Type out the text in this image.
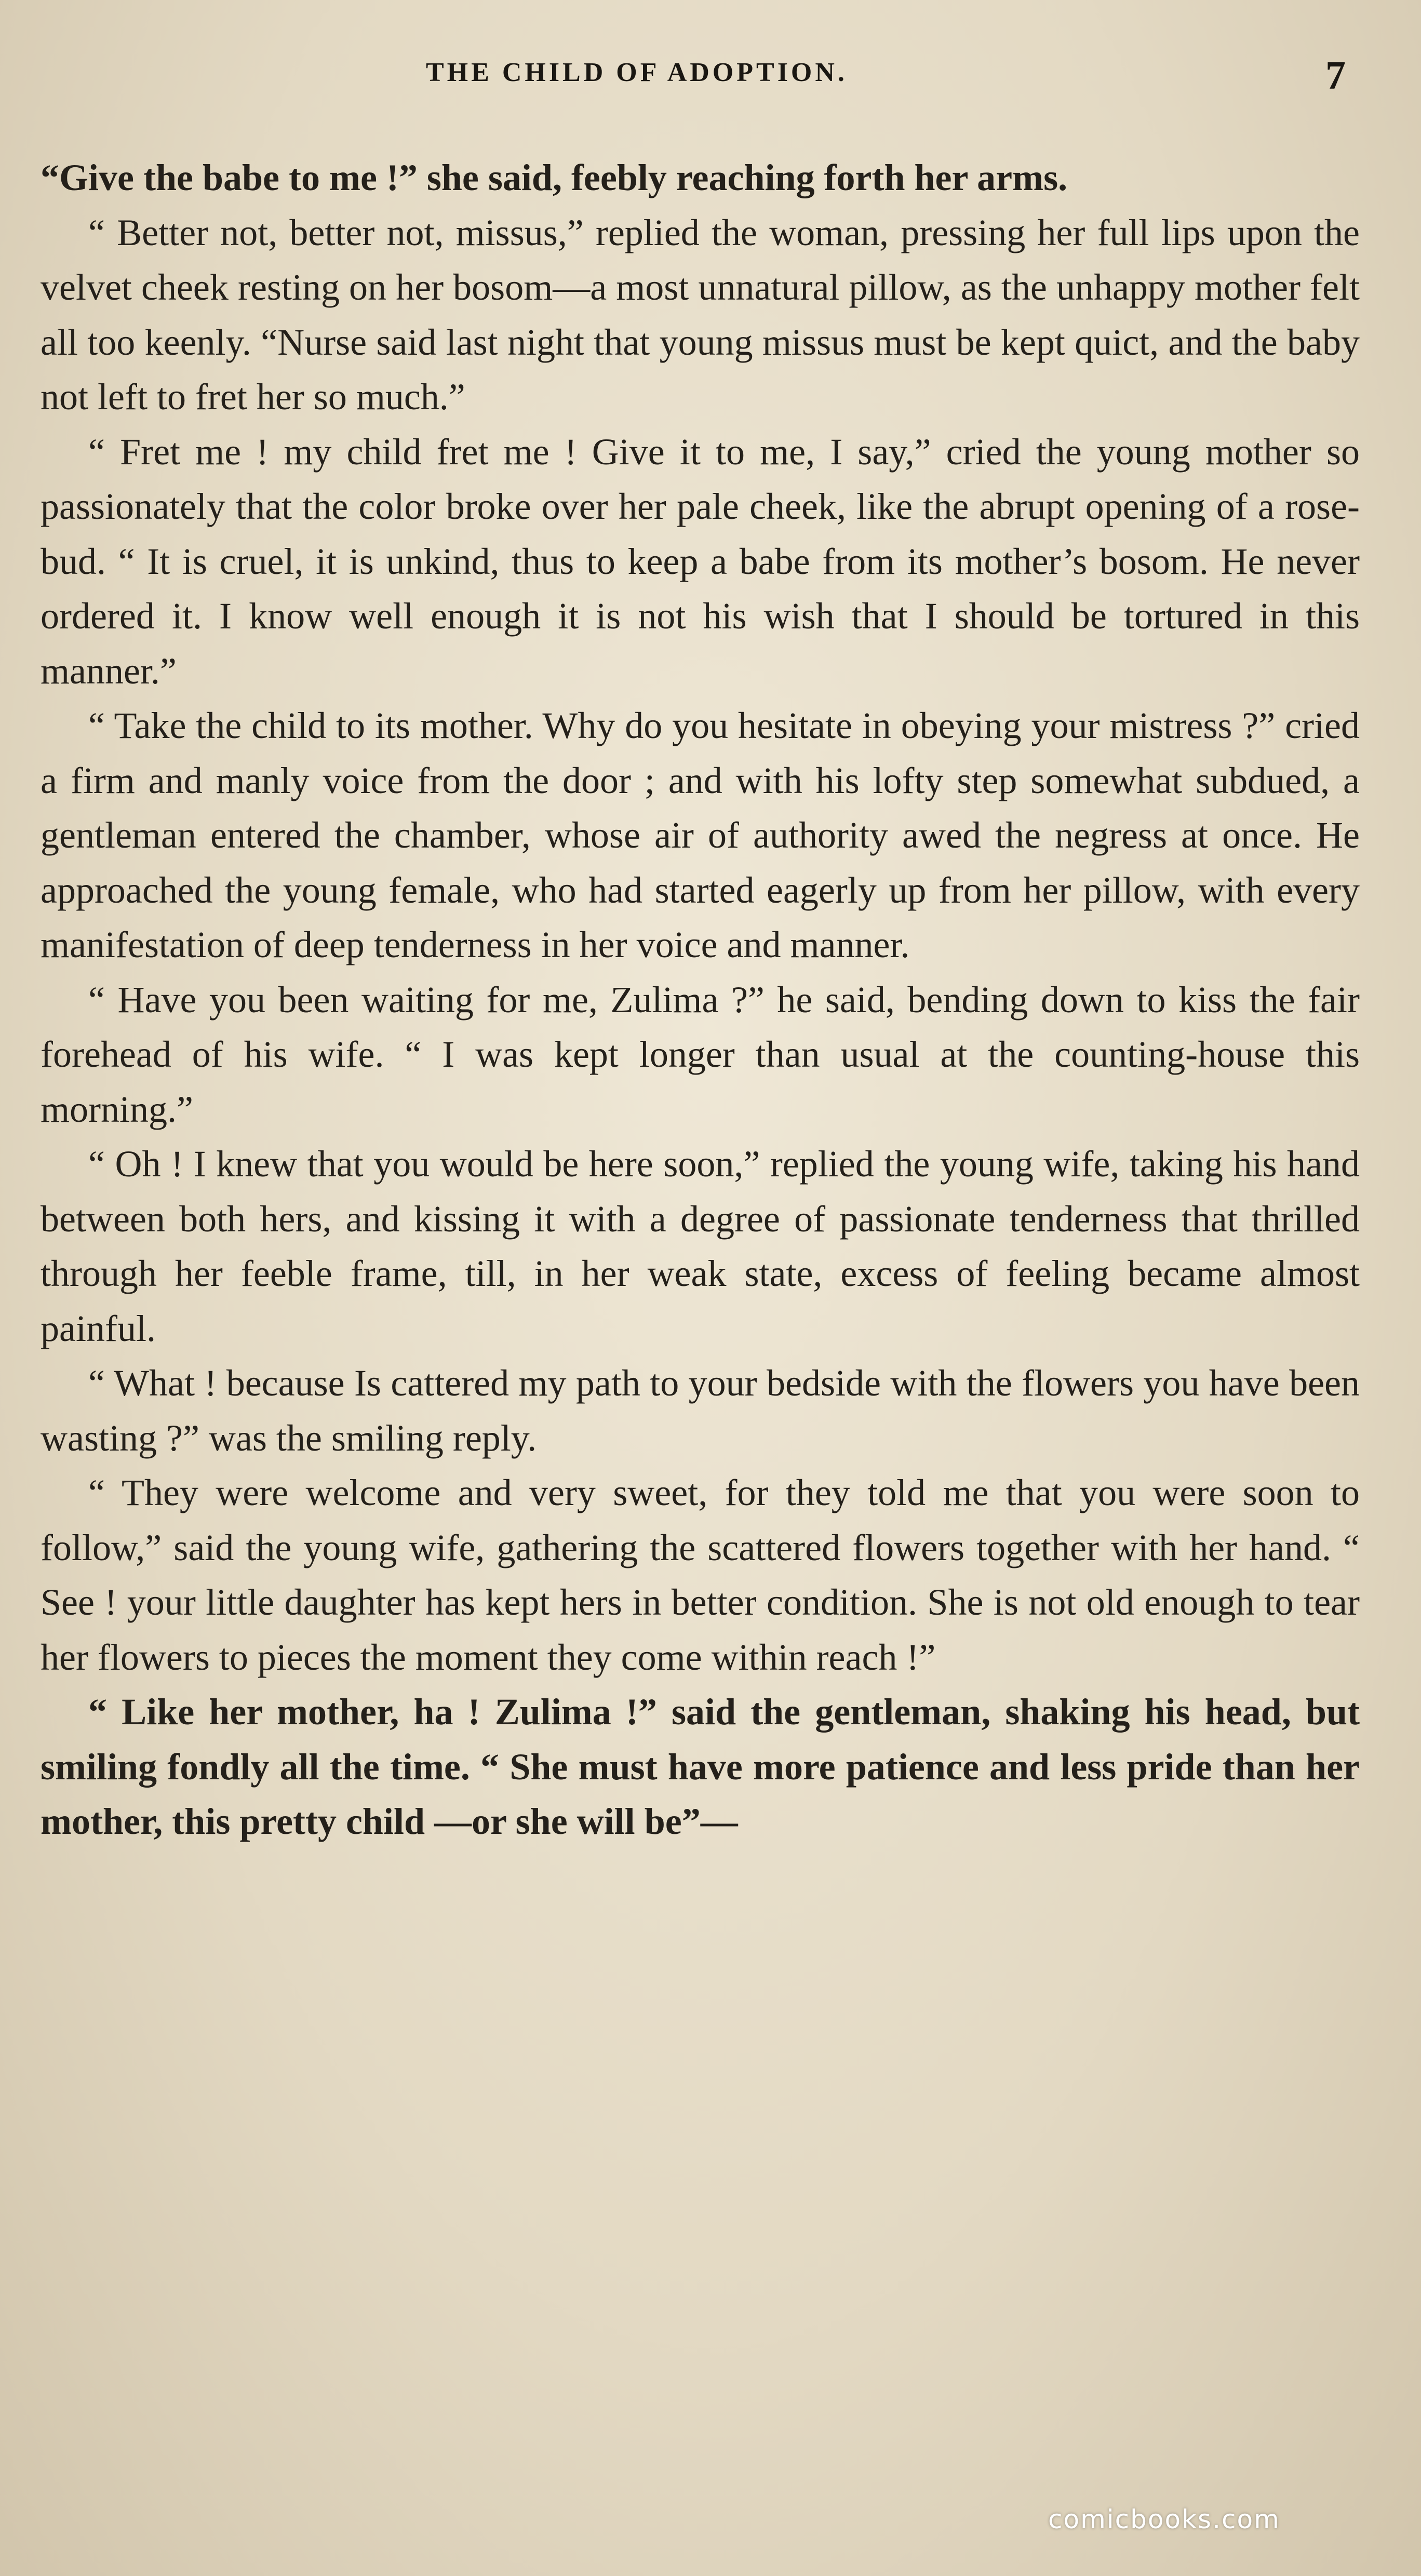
THE CHILD OF ADOPTION.	7

“Give the babe to me !” she said, feebly reaching forth her arms.

“ Better not, better not, missus,” replied the woman, pressing her full lips upon the velvet cheek resting on her bosom—a most unnatural pillow, as the unhappy mother felt all too keenly. “Nurse said last night that young missus must be kept quict, and the baby not left to fret her so much.”

“ Fret me ! my child fret me ! Give it to me, I say,” cried the young mother so passionately that the color broke over her pale cheek, like the abrupt opening of a rose-bud. “ It is cruel, it is unkind, thus to keep a babe from its mother’s bosom. He never ordered it. I know well enough it is not his wish that I should be tortured in this manner.”

“ Take the child to its mother. Why do you hesitate in obeying your mistress ?” cried a firm and manly voice from the door ; and with his lofty step somewhat subdued, a gentleman entered the chamber, whose air of authority awed the negress at once. He approached the young female, who had started eagerly up from her pillow, with every manifestation of deep tenderness in her voice and manner.

“ Have you been waiting for me, Zulima ?” he said, bending down to kiss the fair forehead of his wife. “ I was kept longer than usual at the counting-house this morning.”

“ Oh ! I knew that you would be here soon,” replied the young wife, taking his hand between both hers, and kissing it with a degree of passionate tenderness that thrilled through her feeble frame, till, in her weak state, excess of feeling became almost painful.

“ What ! because Is cattered my path to your bedside with the flowers you have been wasting ?” was the smiling reply.

“ They were welcome and very sweet, for they told me that you were soon to follow,” said the young wife, gathering the scattered flowers together with her hand. “ See ! your little daughter has kept hers in better condition. She is not old enough to tear her flowers to pieces the moment they come within reach !”

“ Like her mother, ha ! Zulima !” said the gentleman, shaking his head, but smiling fondly all the time. “ She must have more patience and less pride than her mother, this pretty child —or she will be”—

comicbooks.com
